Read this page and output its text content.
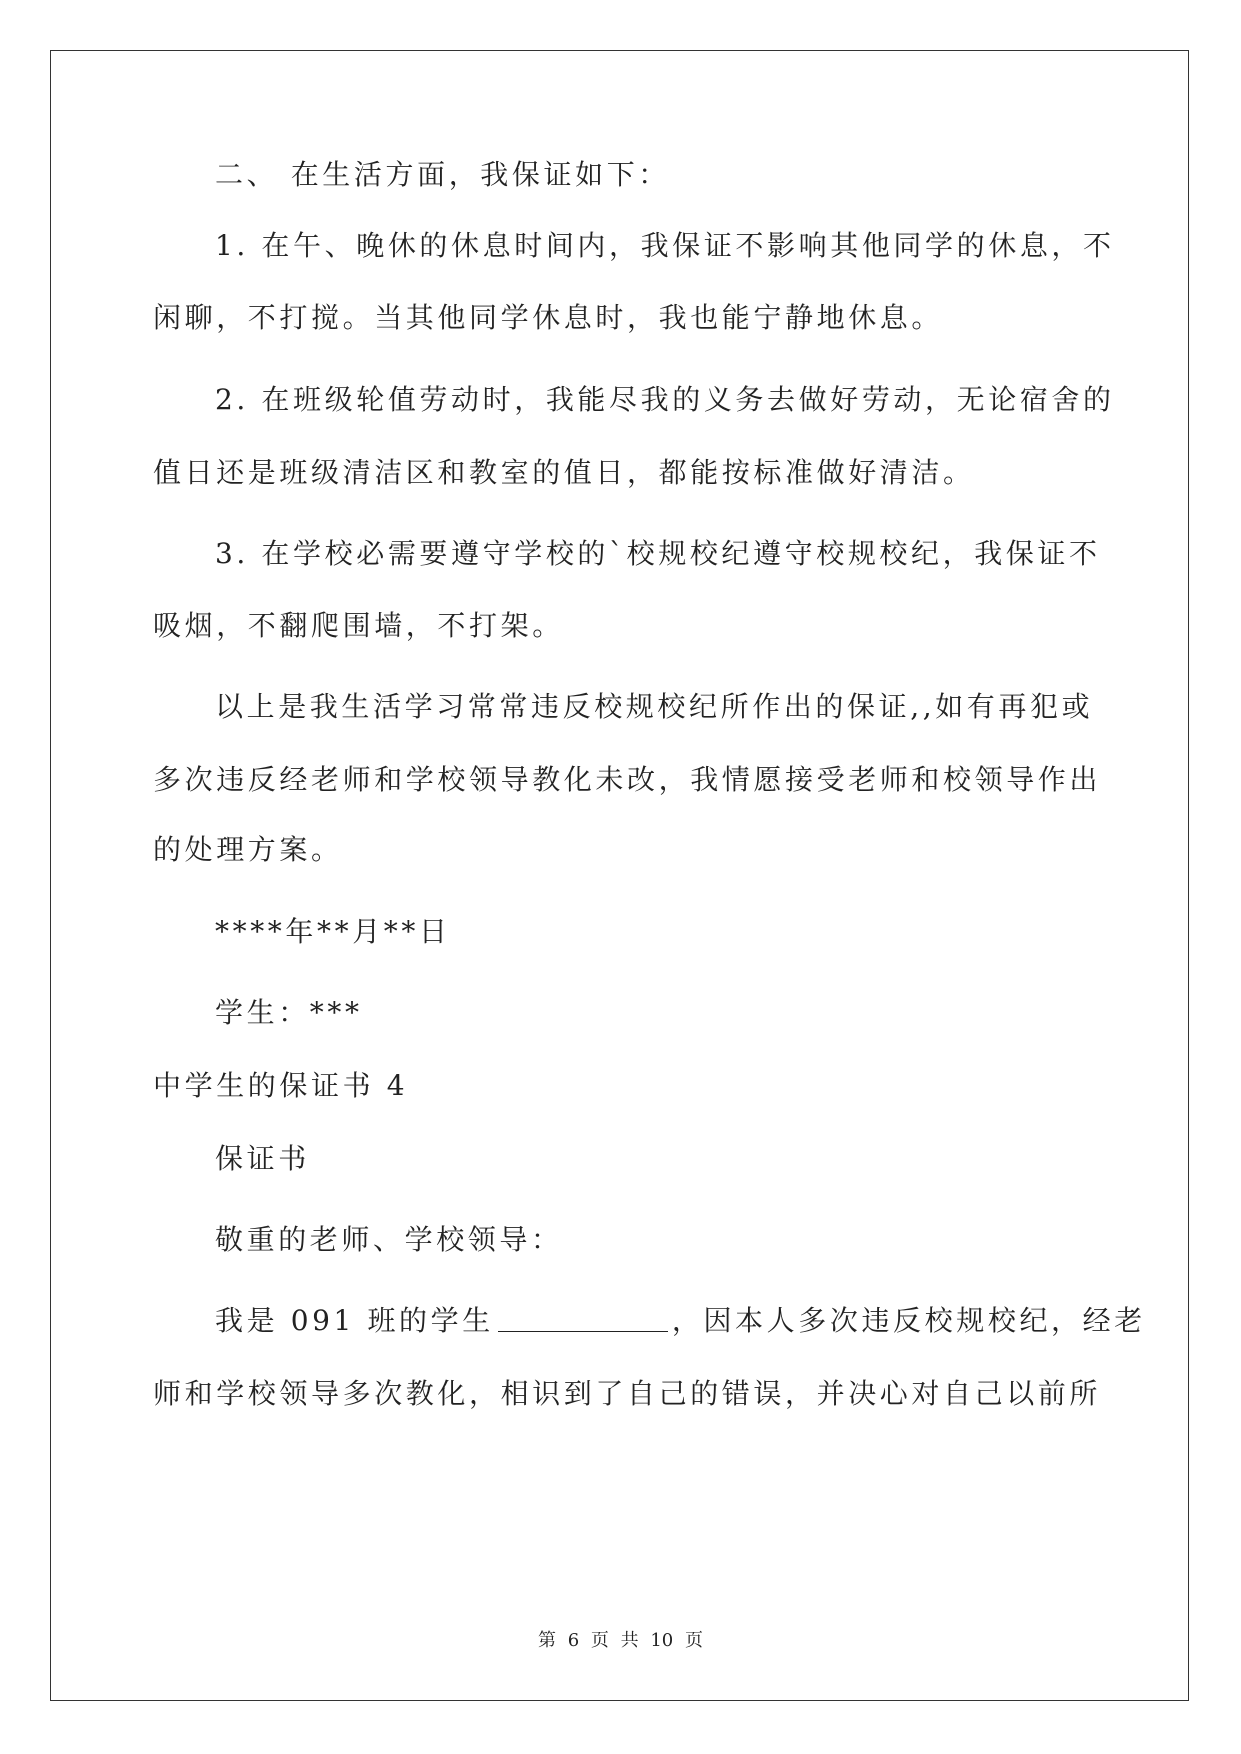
二、 在生活方面，我保证如下：
1. 在午、晚休的休息时间内，我保证不影响其他同学的休息，不
闲聊，不打搅。当其他同学休息时，我也能宁静地休息。
2. 在班级轮值劳动时，我能尽我的义务去做好劳动，无论宿舍的
值日还是班级清洁区和教室的值日，都能按标准做好清洁。
3. 在学校必需要遵守学校的`校规校纪遵守校规校纪，我保证不
吸烟，不翻爬围墙，不打架。
以上是我生活学习常常违反校规校纪所作出的保证,,如有再犯或
多次违反经老师和学校领导教化未改，我情愿接受老师和校领导作出
的处理方案。
****年**月**日
学生：***
中学生的保证书 4
保证书
敬重的老师、学校领导：
我是 091 班的学生	，因本人多次违反校规校纪，经老
师和学校领导多次教化，相识到了自己的错误，并决心对自己以前所
第 6 页 共 10 页
